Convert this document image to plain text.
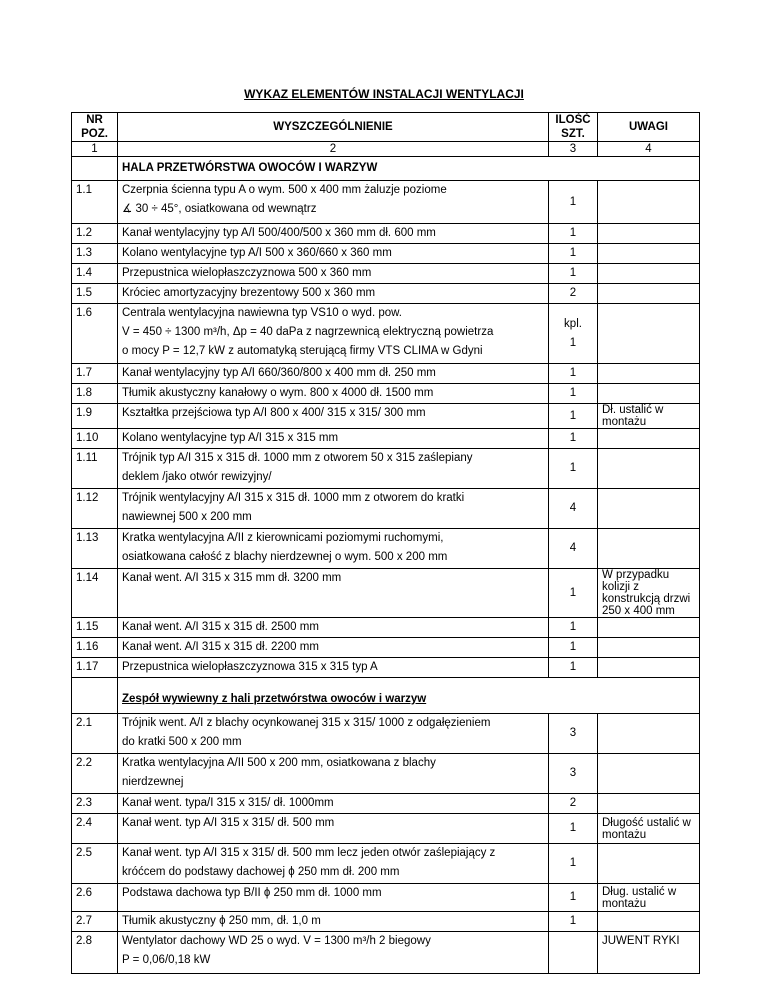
WYKAZ ELEMENTÓW INSTALACJI WENTYLACJI
NR POZ.	WYSZCZEGÓLNIENIE	ILOŚĆ SZT.	UWAGI
1	2	3	4
	HALA PRZETWÓRSTWA OWOCÓW I WARZYW		
1.1	Czerpnia ścienna typu A o wym. 500 x 400 mm żaluzje poziome
∡ 30 ÷ 45°, osiatkowana od wewnątrz	1	
1.2	Kanał wentylacyjny typ A/I 500/400/500 x 360 mm dł. 600 mm	1	
1.3	Kolano wentylacyjne typ A/I 500 x 360/660 x 360 mm	1	
1.4	Przepustnica wielopłaszczyznowa 500 x 360 mm	1	
1.5	Króciec amortyzacyjny brezentowy 500 x 360 mm	2	
1.6	Centrala wentylacyjna nawiewna typ VS10 o wyd. pow.
V = 450 ÷ 1300 m³/h, Δp = 40 daPa z nagrzewnicą elektryczną powietrza
o mocy P = 12,7 kW z automatyką sterującą firmy VTS CLIMA w Gdyni	kpl.
1	

1.7	Kanał wentylacyjny typ A/I 660/360/800 x 400 mm dł. 250 mm	1	
1.8	Tłumik akustyczny kanałowy o wym. 800 x 4000 dł. 1500 mm	1	
1.9	Kształtka przejściowa typ A/I 800 x 400/ 315 x 315/ 300 mm	1	Dł. ustalić w montażu
1.10	Kolano wentylacyjne typ A/I 315 x 315 mm	1	
1.11	Trójnik typ A/I 315 x 315 dł. 1000 mm z otworem 50 x 315 zaślepiany
deklem /jako otwór rewizyjny/	1	
1.12	Trójnik wentylacyjny A/I 315 x 315 dł. 1000 mm z otworem do kratki
nawiewnej 500 x 200 mm	4	
1.13	Kratka wentylacyjna A/II z kierownicami poziomymi ruchomymi,
osiatkowana całość z blachy nierdzewnej o wym. 500 x 200 mm	4	
1.14	Kanał went. A/I 315 x 315 mm dł. 3200 mm	1	W przypadku kolizji z konstrukcją drzwi 250 x 400 mm
1.15	Kanał went. A/I 315 x 315 dł. 2500 mm	1	
1.16	Kanał went. A/I 315 x 315 dł. 2200 mm	1	
1.17	Przepustnica wielopłaszczyznowa 315 x 315 typ A	1	
	Zespół wywiewny z hali przetwórstwa owoców i warzyw		
2.1	Trójnik went. A/I z blachy ocynkowanej 315 x 315/ 1000 z odgałęzieniem
do kratki 500 x 200 mm	3	
2.2	Kratka wentylacyjna A/II 500 x 200 mm, osiatkowana z blachy
nierdzewnej	3	
2.3	Kanał went. typa/I 315 x 315/ dł. 1000mm	2	
2.4	Kanał went. typ A/I 315 x 315/ dł. 500 mm	1	Długość ustalić w montażu
2.5	Kanał went. typ A/I 315 x 315/ dł. 500 mm lecz jeden otwór zaślepiający z
króćcem do podstawy dachowej ϕ 250 mm dł. 200 mm	1	
2.6	Podstawa dachowa typ B/II ϕ 250 mm dł. 1000 mm	1	Dług. ustalić w montażu
2.7	Tłumik akustyczny ϕ 250 mm, dł. 1,0 m	1	
2.8	Wentylator dachowy WD 25 o wyd. V = 1300 m³/h 2 biegowy
P = 0,06/0,18 kW		JUWENT RYKI
